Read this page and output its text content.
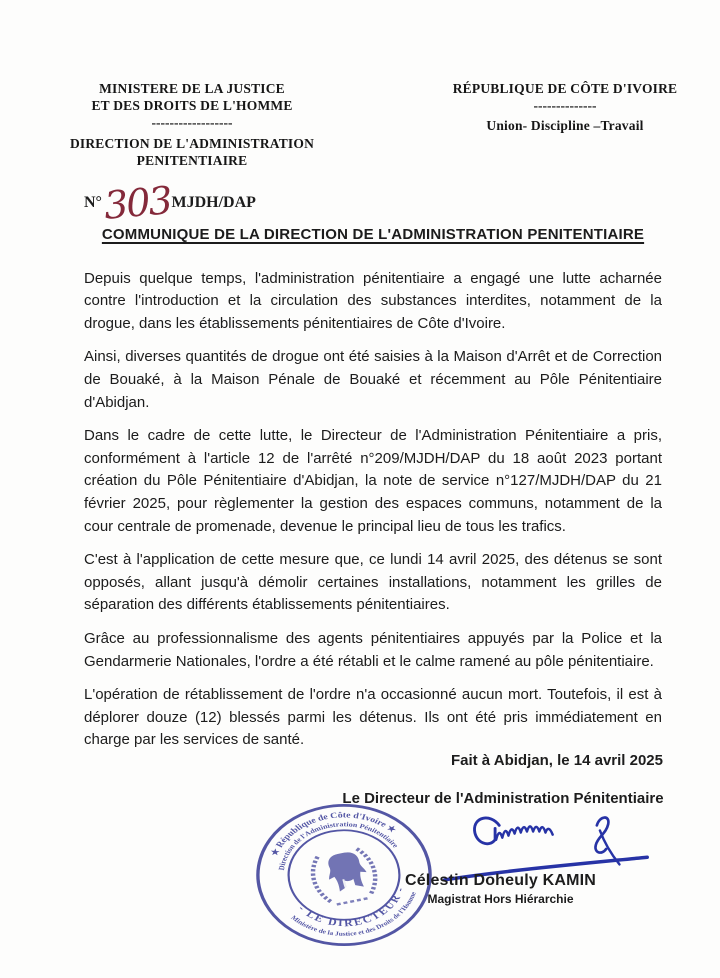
MINISTERE DE LA JUSTICE
ET DES DROITS DE L'HOMME
------------------
DIRECTION DE L'ADMINISTRATION
PENITENTIAIRE
RÉPUBLIQUE DE CÔTE D'IVOIRE
--------------
Union- Discipline –Travail
N° 303 MJDH/DAP
COMMUNIQUE DE LA DIRECTION DE L'ADMINISTRATION PENITENTIAIRE

Depuis quelque temps, l'administration pénitentiaire a engagé une lutte acharnée contre l'introduction et la circulation des substances interdites, notamment de la drogue, dans les établissements pénitentiaires de Côte d'Ivoire.

Ainsi, diverses quantités de drogue ont été saisies à la Maison d'Arrêt et de Correction de Bouaké, à la Maison Pénale de Bouaké et récemment au Pôle Pénitentiaire d'Abidjan.

Dans le cadre de cette lutte, le Directeur de l'Administration Pénitentiaire a pris, conformément à l'article 12 de l'arrêté n°209/MJDH/DAP du 18 août 2023 portant création du Pôle Pénitentiaire d'Abidjan, la note de service n°127/MJDH/DAP du 21 février 2025, pour règlementer la gestion des espaces communs, notamment de la cour centrale de promenade, devenue le principal lieu de tous les trafics.

C'est à l'application de cette mesure que, ce lundi 14 avril 2025, des détenus se sont opposés, allant jusqu'à démolir certaines installations, notamment les grilles de séparation des différents établissements pénitentiaires.

Grâce au professionnalisme des agents pénitentiaires appuyés par la Police et la Gendarmerie Nationales, l'ordre a été rétabli et le calme ramené au pôle pénitentiaire.

L'opération de rétablissement de l'ordre n'a occasionné aucun mort. Toutefois, il est à déplorer douze (12) blessés parmi les détenus. Ils ont été pris immédiatement en charge par les services de santé.

Fait à Abidjan, le 14 avril 2025
Le Directeur de l'Administration Pénitentiaire
★ République de Côte d'Ivoire ★
Direction de l'Administration Pénitentiaire
- LE DIRECTEUR -
Ministère de la Justice et des Droits de l'Homme
Célestin Doheuly KAMIN
Magistrat Hors Hiérarchie
